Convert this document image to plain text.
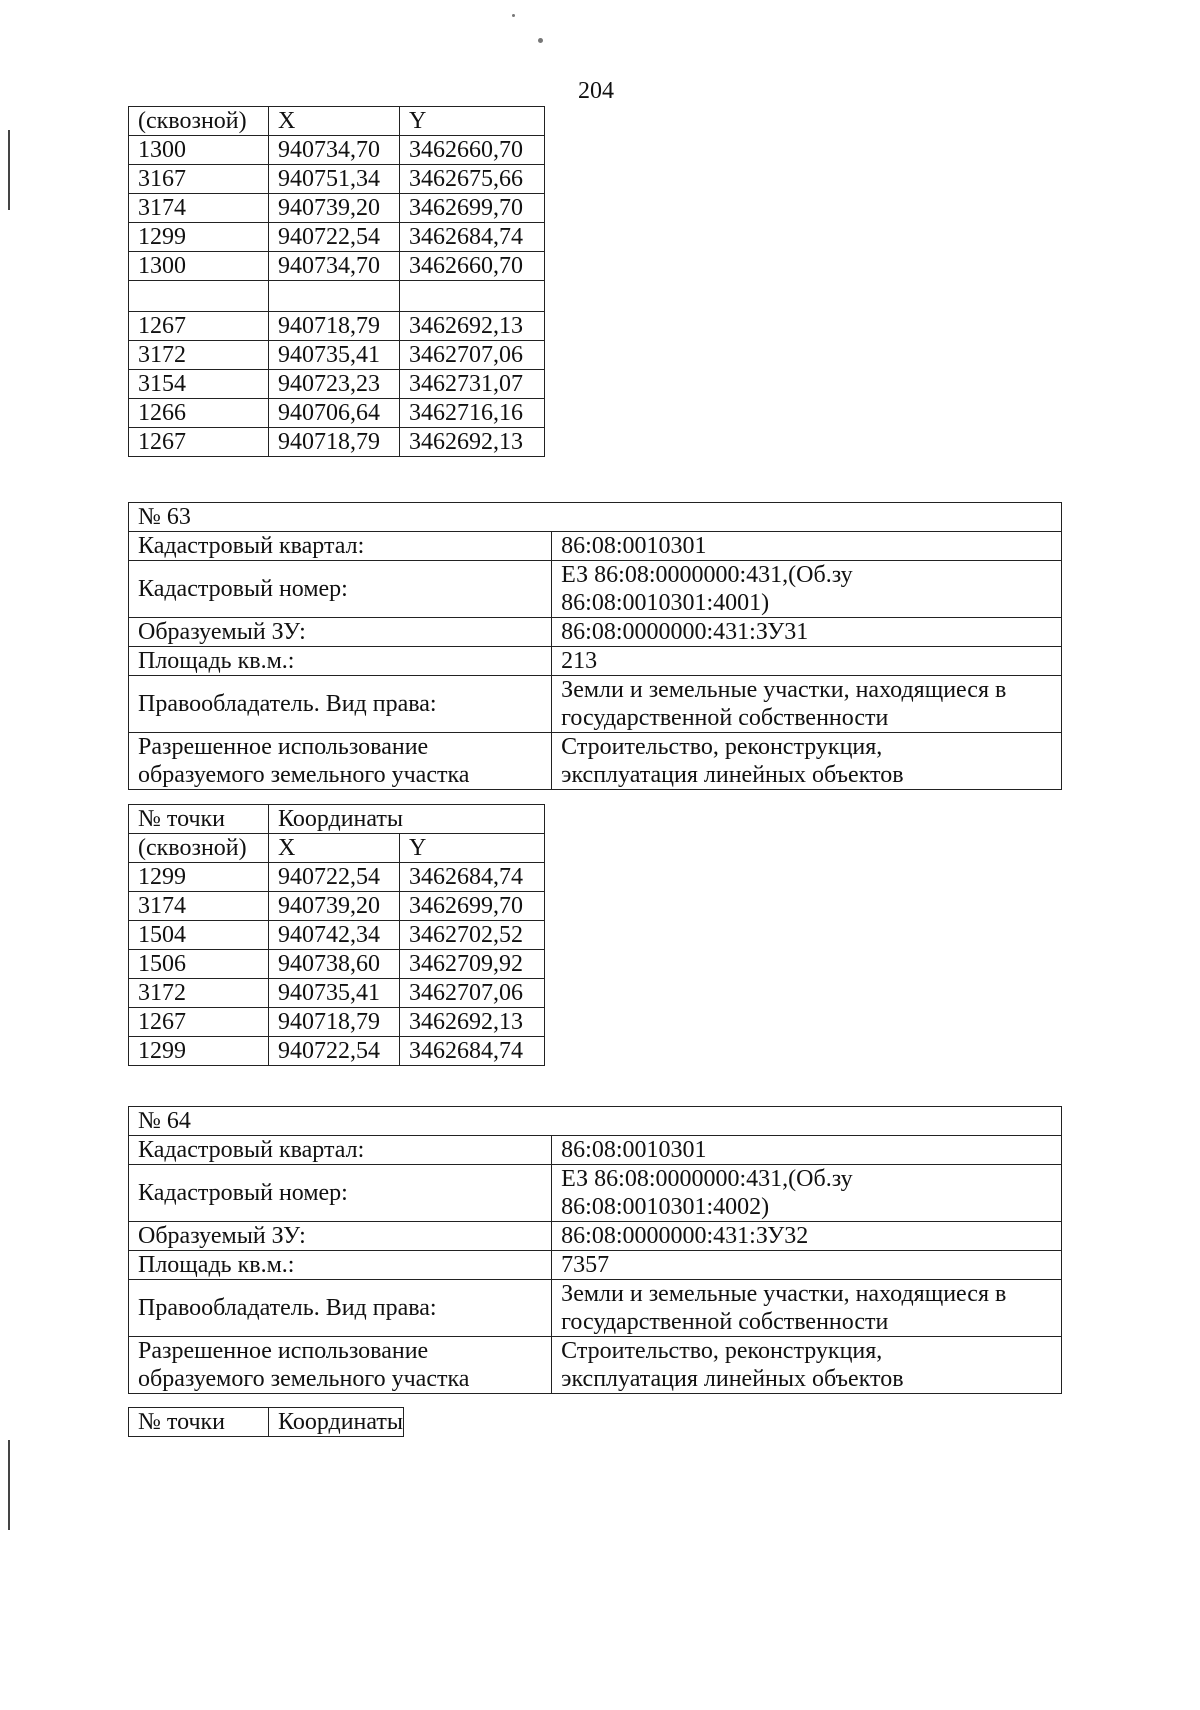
204
(сквозной)	X	Y
1300	940734,70	3462660,70
3167	940751,34	3462675,66
3174	940739,20	3462699,70
1299	940722,54	3462684,74
1300	940734,70	3462660,70

1267	940718,79	3462692,13
3172	940735,41	3462707,06
3154	940723,23	3462731,07
1266	940706,64	3462716,16
1267	940718,79	3462692,13
№ 63	
Кадастровый квартал:	86:08:0010301
Кадастровый номер:	ЕЗ 86:08:0000000:431,(Об.зу
86:08:0010301:4001)
Образуемый ЗУ:	86:08:0000000:431:ЗУ31
Площадь кв.м.:	213
Правообладатель. Вид права:	Земли и земельные участки, находящиеся в
государственной собственности
Разрешенное использование
образуемого земельного участка	Строительство, реконструкция,
эксплуатация линейных объектов
№ точки	Координаты	
(сквозной)	X	Y
1299	940722,54	3462684,74
3174	940739,20	3462699,70
1504	940742,34	3462702,52
1506	940738,60	3462709,92
3172	940735,41	3462707,06
1267	940718,79	3462692,13
1299	940722,54	3462684,74
№ 64	
Кадастровый квартал:	86:08:0010301
Кадастровый номер:	ЕЗ 86:08:0000000:431,(Об.зу
86:08:0010301:4002)
Образуемый ЗУ:	86:08:0000000:431:ЗУ32
Площадь кв.м.:	7357
Правообладатель. Вид права:	Земли и земельные участки, находящиеся в
государственной собственности
Разрешенное использование
образуемого земельного участка	Строительство, реконструкция,
эксплуатация линейных объектов
№ точки	Координаты
